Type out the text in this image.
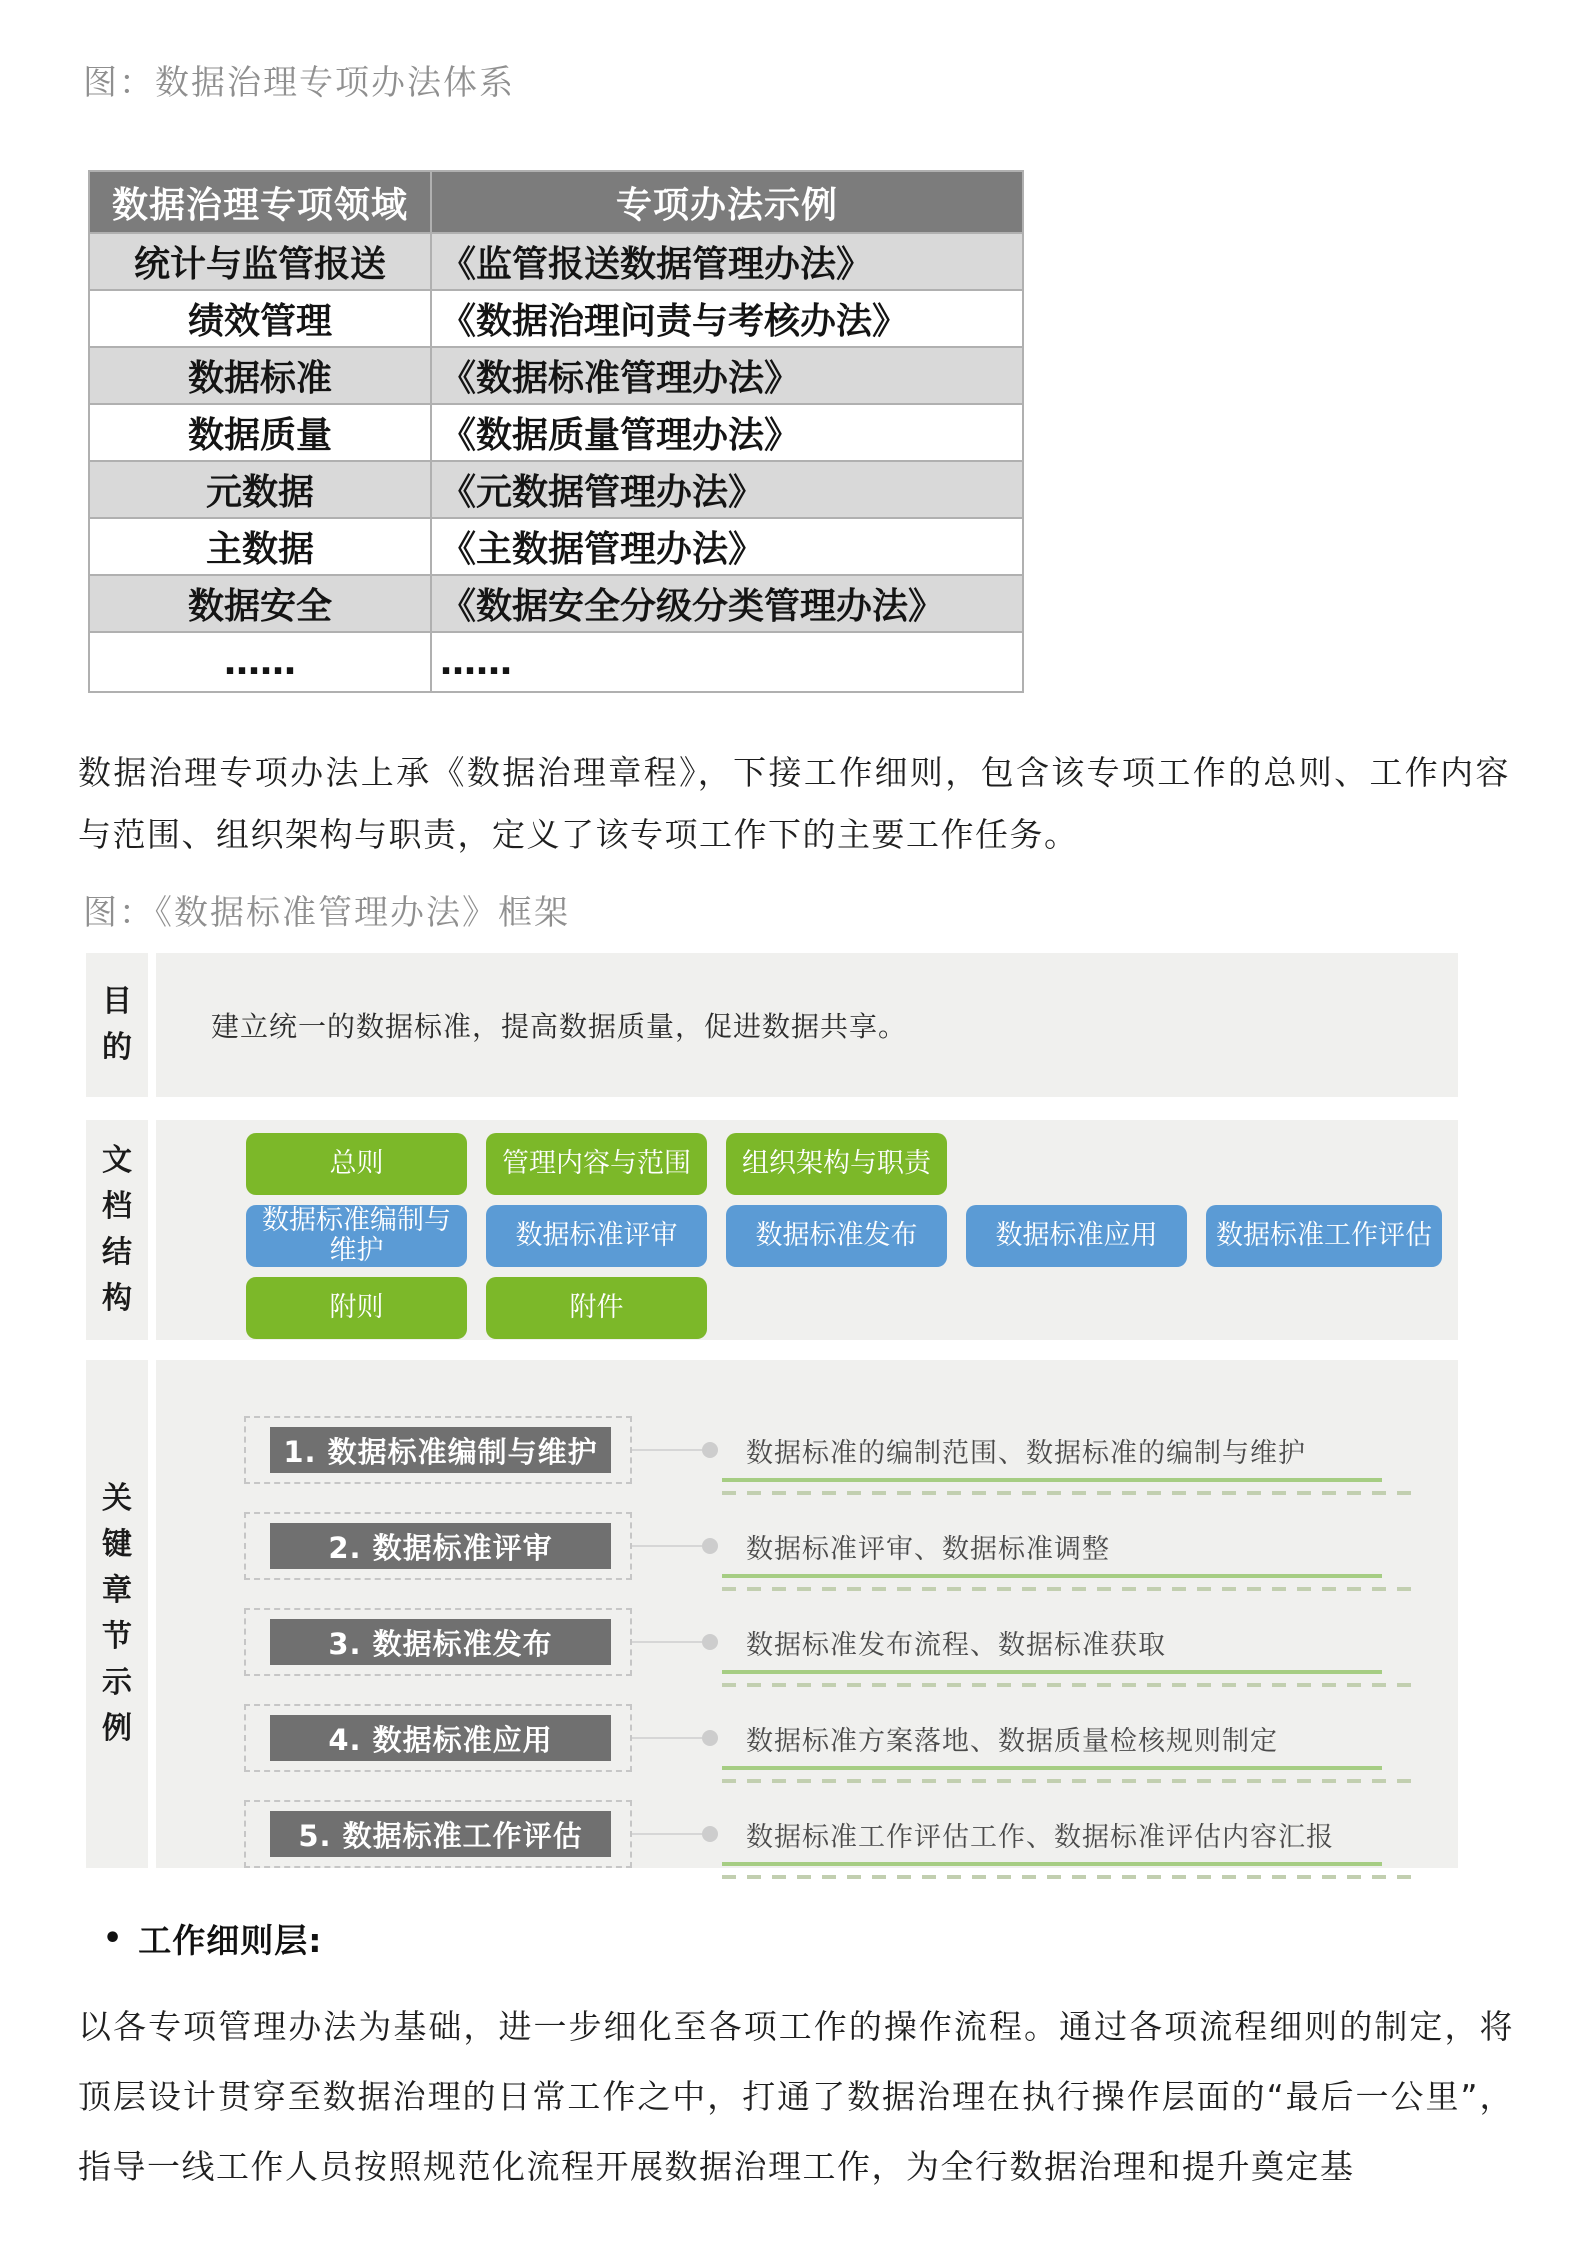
图：数据治理专项办法体系
数据治理专项领域	专项办法示例
统计与监管报送	《监管报送数据管理办法》
绩效管理	《数据治理问责与考核办法》
数据标准	《数据标准管理办法》
数据质量	《数据质量管理办法》
元数据	《元数据管理办法》
主数据	《主数据管理办法》
数据安全	《数据安全分级分类管理办法》
……	……

数据治理专项办法上承《数据治理章程》，下接工作细则，包含该专项工作的总则、工作内容与范围、组织架构与职责，定义了该专项工作下的主要工作任务。

图：《数据标准管理办法》框架
目的
建立统一的数据标准，提高数据质量，促进数据共享。
文档结构
总则	管理内容与范围	组织架构与职责
数据标准编制与维护	数据标准评审	数据标准发布	数据标准应用	数据标准工作评估
附则	附件
关键章节示例
1. 数据标准编制与维护	数据标准的编制范围、数据标准的编制与维护
2. 数据标准评审	数据标准评审、数据标准调整
3. 数据标准发布	数据标准发布流程、数据标准获取
4. 数据标准应用	数据标准方案落地、数据质量检核规则制定
5. 数据标准工作评估	数据标准工作评估工作、数据标准评估内容汇报
• 工作细则层:

以各专项管理办法为基础，进一步细化至各项工作的操作流程。通过各项流程细则的制定，将顶层设计贯穿至数据治理的日常工作之中，打通了数据治理在执行操作层面的“最后一公里”，指导一线工作人员按照规范化流程开展数据治理工作，为全行数据治理和提升奠定基
